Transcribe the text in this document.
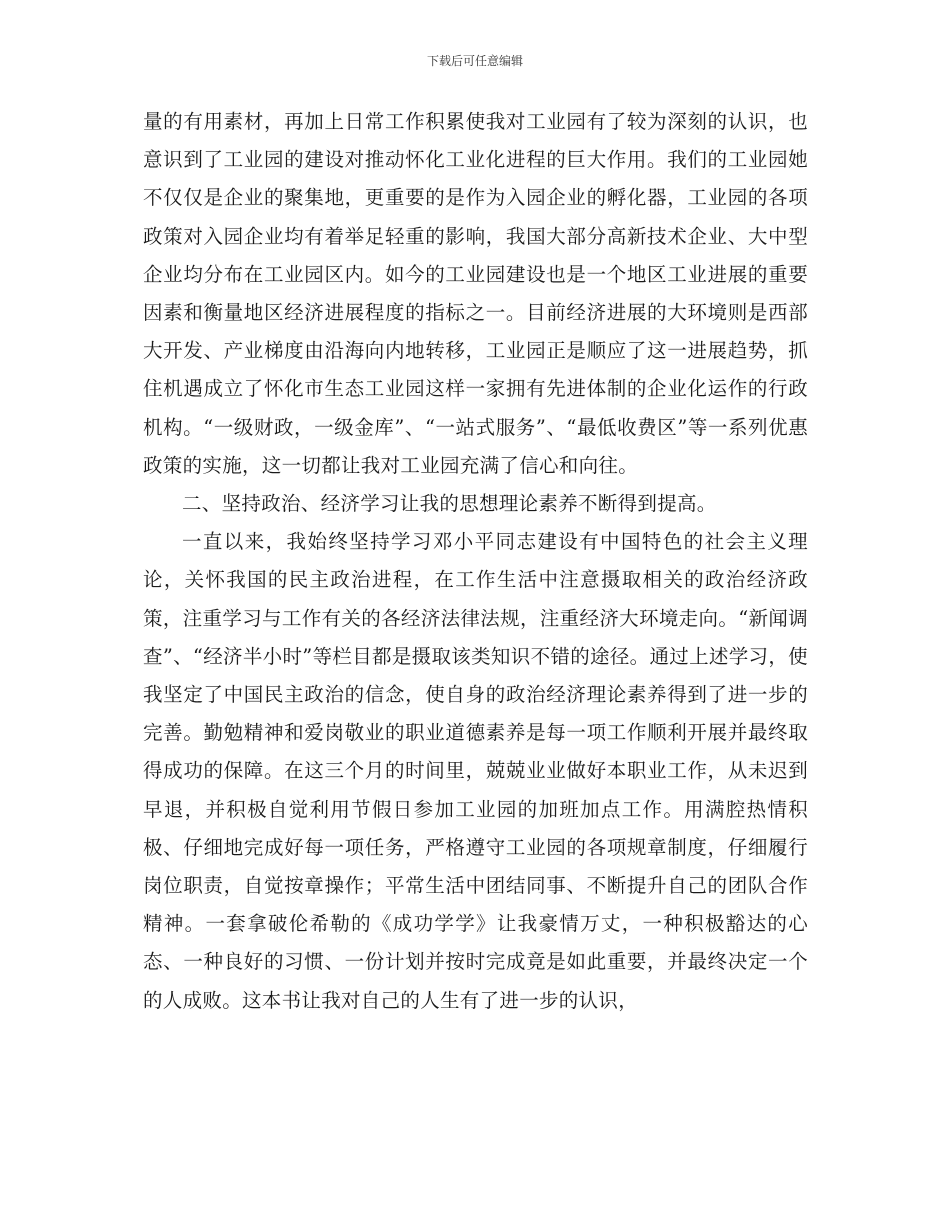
下载后可任意编辑

量的有用素材，再加上日常工作积累使我对工业园有了较为深刻的认识，也意识到了工业园的建设对推动怀化工业化进程的巨大作用。我们的工业园她不仅仅是企业的聚集地，更重要的是作为入园企业的孵化器，工业园的各项政策对入园企业均有着举足轻重的影响，我国大部分高新技术企业、大中型企业均分布在工业园区内。如今的工业园建设也是一个地区工业进展的重要因素和衡量地区经济进展程度的指标之一。目前经济进展的大环境则是西部大开发、产业梯度由沿海向内地转移，工业园正是顺应了这一进展趋势，抓住机遇成立了怀化市生态工业园这样一家拥有先进体制的企业化运作的行政机构。“一级财政，一级金库”、“一站式服务”、“最低收费区”等一系列优惠政策的实施，这一切都让我对工业园充满了信心和向往。

二、坚持政治、经济学习让我的思想理论素养不断得到提高。

一直以来，我始终坚持学习邓小平同志建设有中国特色的社会主义理论，关怀我国的民主政治进程，在工作生活中注意摄取相关的政治经济政策，注重学习与工作有关的各经济法律法规，注重经济大环境走向。“新闻调查”、“经济半小时”等栏目都是摄取该类知识不错的途径。通过上述学习，使我坚定了中国民主政治的信念，使自身的政治经济理论素养得到了进一步的完善。勤勉精神和爱岗敬业的职业道德素养是每一项工作顺利开展并最终取得成功的保障。在这三个月的时间里，兢兢业业做好本职业工作，从未迟到早退，并积极自觉利用节假日参加工业园的加班加点工作。用满腔热情积极、仔细地完成好每一项任务，严格遵守工业园的各项规章制度，仔细履行岗位职责，自觉按章操作；平常生活中团结同事、不断提升自己的团队合作精神。一套拿破伦希勒的《成功学学》让我豪情万丈，一种积极豁达的心态、一种良好的习惯、一份计划并按时完成竟是如此重要，并最终决定一个的人成败。这本书让我对自己的人生有了进一步的认识，
